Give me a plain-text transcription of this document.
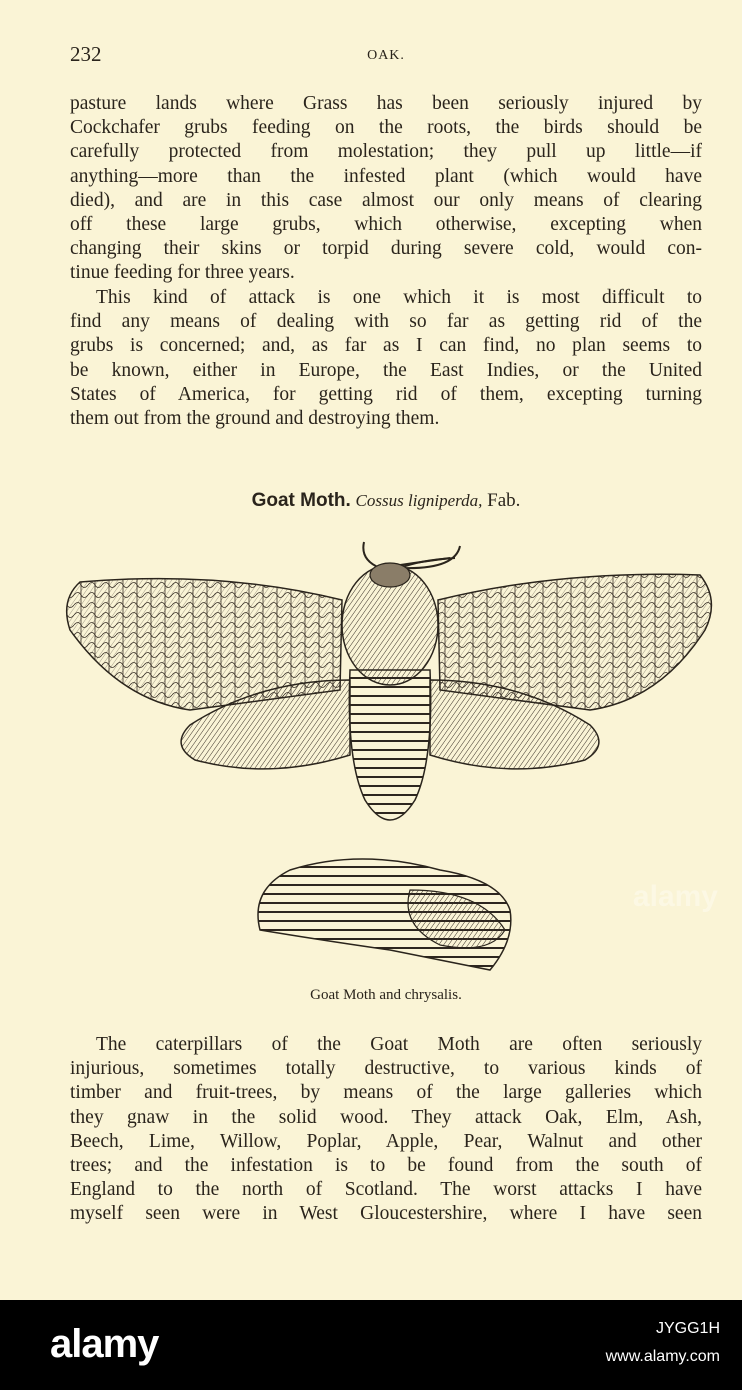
232	OAK.
pasture lands where Grass has been seriously injured by
Cockchafer grubs feeding on the roots, the birds should be
carefully protected from molestation; they pull up little—if
anything—more than the infested plant (which would have
died), and are in this case almost our only means of clearing
off these large grubs, which otherwise, excepting when
changing their skins or torpid during severe cold, would con-
tinue feeding for three years.
This kind of attack is one which it is most difficult to
find any means of dealing with so far as getting rid of the
grubs is concerned; and, as far as I can find, no plan seems to
be known, either in Europe, the East Indies, or the United
States of America, for getting rid of them, excepting turning
them out from the ground and destroying them.
Goat Moth. Cossus ligniperda, Fab.
Goat Moth and chrysalis.
The caterpillars of the Goat Moth are often seriously
injurious, sometimes totally destructive, to various kinds of
timber and fruit-trees, by means of the large galleries which
they gnaw in the solid wood. They attack Oak, Elm, Ash,
Beech, Lime, Willow, Poplar, Apple, Pear, Walnut and other
trees; and the infestation is to be found from the south of
England to the north of Scotland. The worst attacks I have
myself seen were in West Gloucestershire, where I have seen
alamy
alamy	JYGG1H
www.alamy.com
